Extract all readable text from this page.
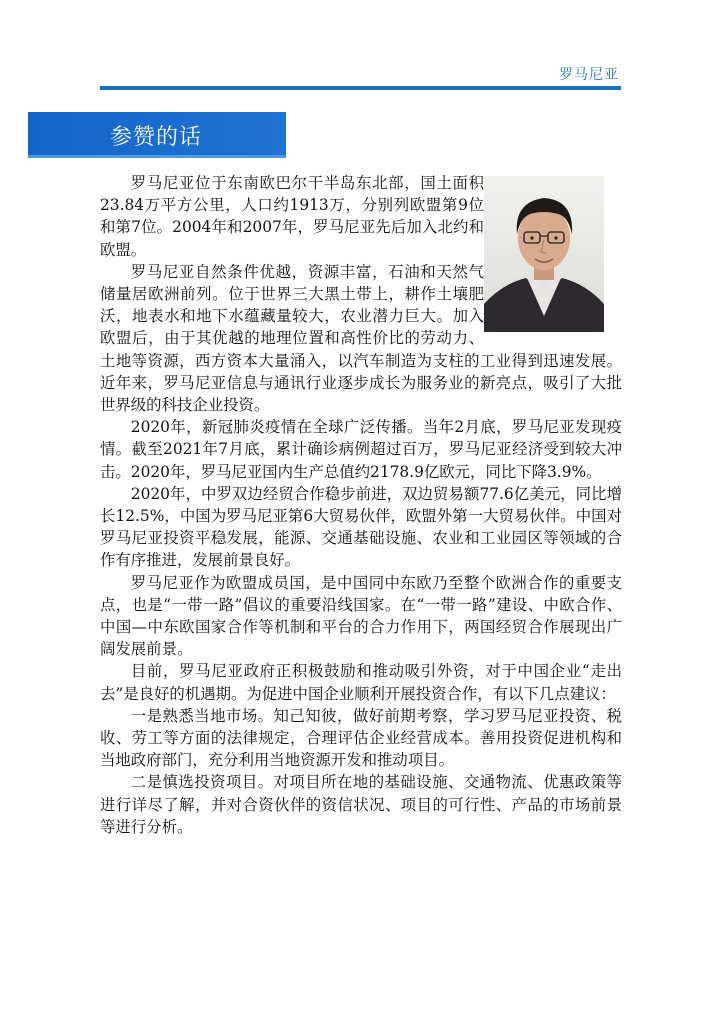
罗马尼亚
参赞的话

罗马尼亚位于东南欧巴尔干半岛东北部，国土面积23.84万平方公里，人口约1913万，分别列欧盟第9位和第7位。2004年和2007年，罗马尼亚先后加入北约和欧盟。

罗马尼亚自然条件优越，资源丰富，石油和天然气储量居欧洲前列。位于世界三大黑土带上，耕作土壤肥沃，地表水和地下水蕴藏量较大，农业潜力巨大。加入欧盟后，由于其优越的地理位置和高性价比的劳动力、土地等资源，西方资本大量涌入，以汽车制造为支柱的工业得到迅速发展。近年来，罗马尼亚信息与通讯行业逐步成长为服务业的新亮点，吸引了大批世界级的科技企业投资。

2020年，新冠肺炎疫情在全球广泛传播。当年2月底，罗马尼亚发现疫情。截至2021年7月底，累计确诊病例超过百万，罗马尼亚经济受到较大冲击。2020年，罗马尼亚国内生产总值约2178.9亿欧元，同比下降3.9%。

2020年，中罗双边经贸合作稳步前进，双边贸易额77.6亿美元，同比增长12.5%，中国为罗马尼亚第6大贸易伙伴，欧盟外第一大贸易伙伴。中国对罗马尼亚投资平稳发展，能源、交通基础设施、农业和工业园区等领域的合作有序推进，发展前景良好。

罗马尼亚作为欧盟成员国，是中国同中东欧乃至整个欧洲合作的重要支点，也是“一带一路”倡议的重要沿线国家。在“一带一路”建设、中欧合作、中国—中东欧国家合作等机制和平台的合力作用下，两国经贸合作展现出广阔发展前景。

目前，罗马尼亚政府正积极鼓励和推动吸引外资，对于中国企业“走出去”是良好的机遇期。为促进中国企业顺利开展投资合作，有以下几点建议：

一是熟悉当地市场。知己知彼，做好前期考察，学习罗马尼亚投资、税收、劳工等方面的法律规定，合理评估企业经营成本。善用投资促进机构和当地政府部门，充分利用当地资源开发和推动项目。

二是慎选投资项目。对项目所在地的基础设施、交通物流、优惠政策等进行详尽了解，并对合资伙伴的资信状况、项目的可行性、产品的市场前景等进行分析。
